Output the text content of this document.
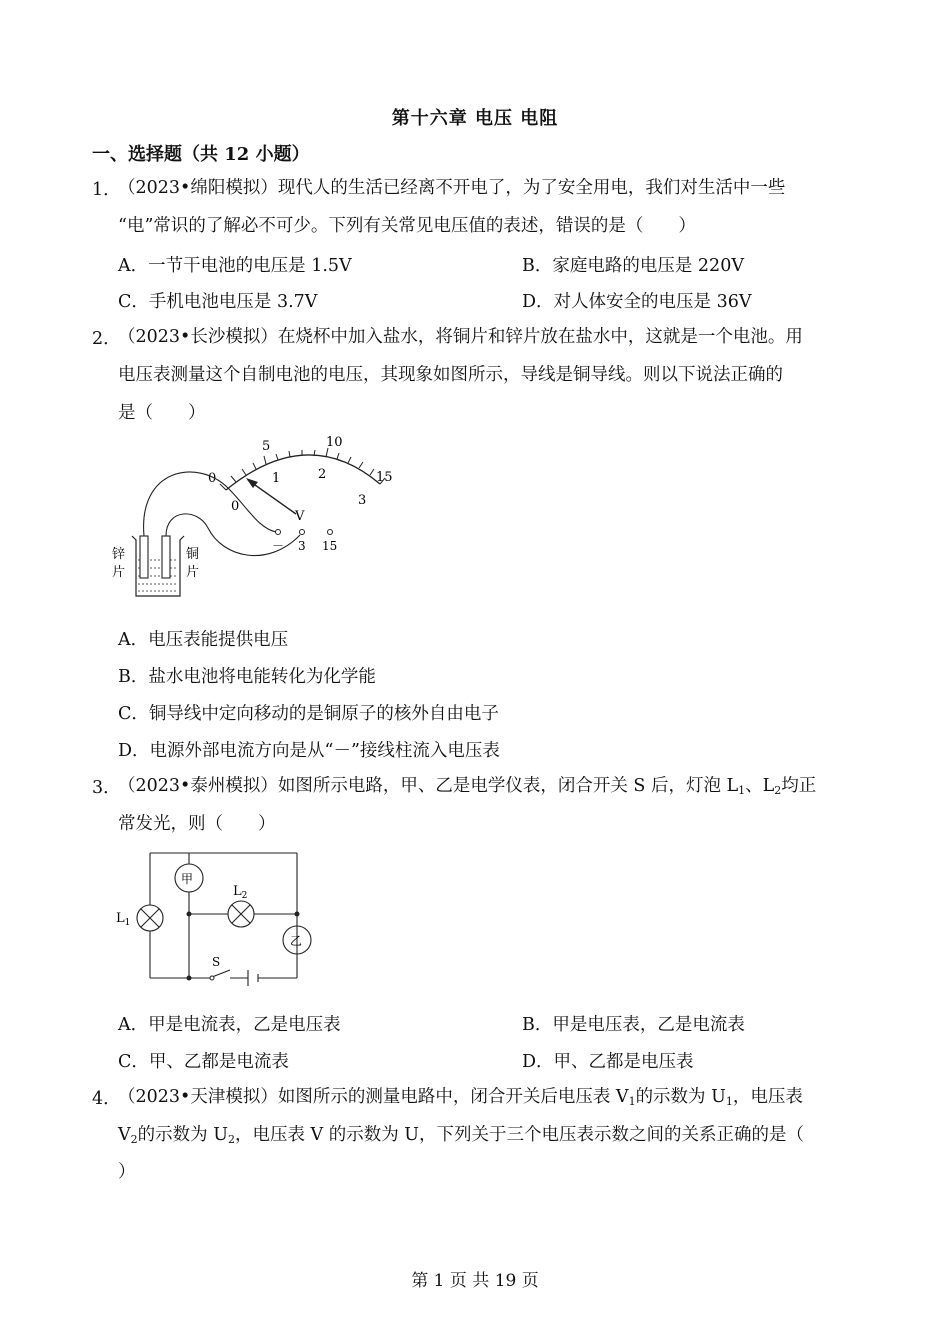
第十六章 电压 电阻
一、选择题（共 12 小题）
1．
（2023•绵阳模拟）现代人的生活已经离不开电了，为了安全用电，我们对生活中一些
“电”常识的了解必不可少。下列有关常见电压值的表述，错误的是（　　）
A．一节干电池的电压是 1.5V	B．家庭电路的电压是 220V
C．手机电池电压是 3.7V	D．对人体安全的电压是 36V
2．
（2023•长沙模拟）在烧杯中加入盐水，将铜片和锌片放在盐水中，这就是一个电池。用
电压表测量这个自制电池的电压，其现象如图所示，导线是铜导线。则以下说法正确的
是（　　）
0
5	10
15
0
1	2
3
V
－ 3 15
锌
片
铜
片
A．电压表能提供电压
B．盐水电池将电能转化为化学能
C．铜导线中定向移动的是铜原子的核外自由电子
D．电源外部电流方向是从“－”接线柱流入电压表
3．
（2023•泰州模拟）如图所示电路，甲、乙是电学仪表，闭合开关 S 后，灯泡 $L_1$、$L_2$均正
常发光，则（　　）
甲
乙
$L_1$
$L_2$
S
A．甲是电流表，乙是电压表	B．甲是电压表，乙是电流表
C．甲、乙都是电流表	D．甲、乙都是电压表
4．
（2023•天津模拟）如图所示的测量电路中，闭合开关后电压表 $V_1$的示数为 $U_1$，电压表
$V_2$的示数为 $U_2$，电压表 V 的示数为 U，下列关于三个电压表示数之间的关系正确的是（
）
第 1 页 共 19 页
